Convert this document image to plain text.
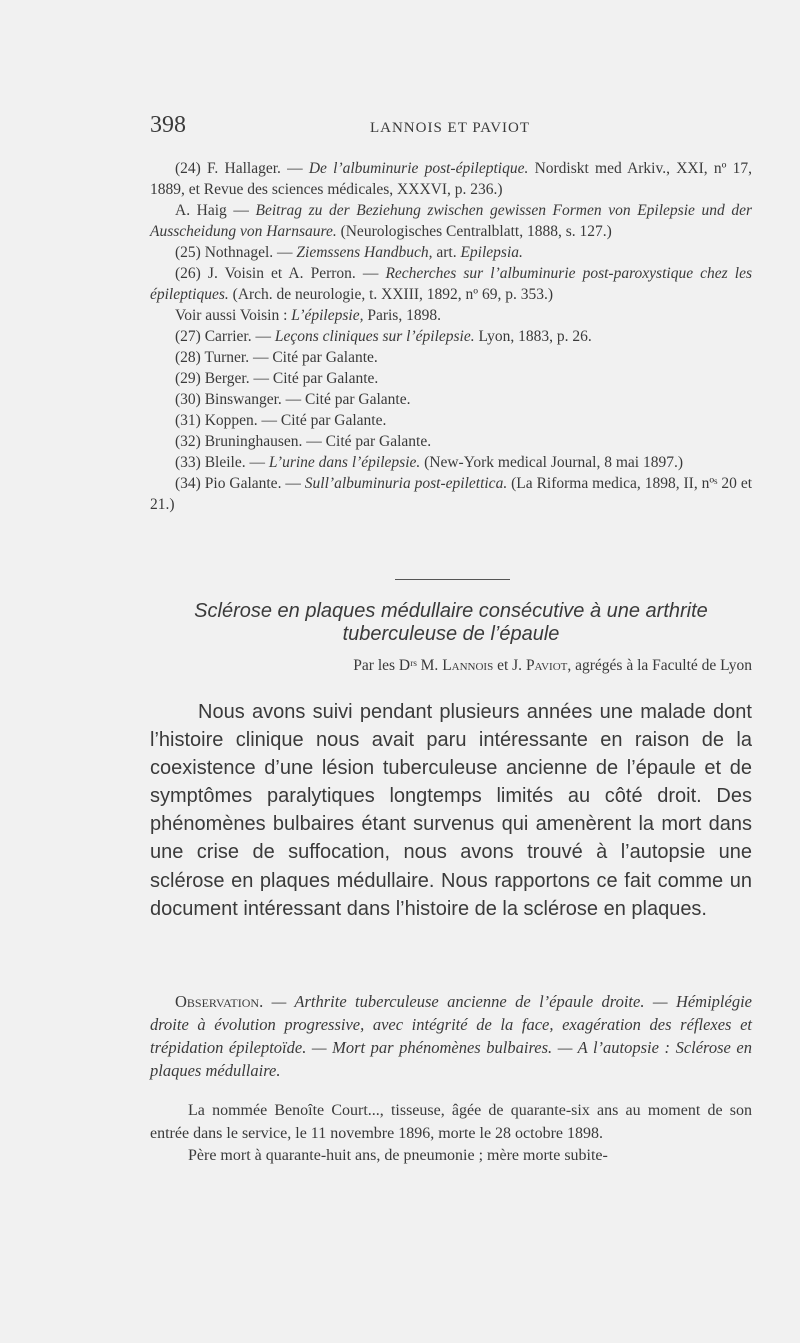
398	LANNOIS ET PAVIOT

(24) F. Hallager. — De l’albuminurie post-épileptique. Nordiskt med Arkiv., XXI, nº 17, 1889, et Revue des sciences médicales, XXXVI, p. 236.)

A. Haig — Beitrag zu der Beziehung zwischen gewissen Formen von Epilepsie und der Ausscheidung von Harnsaure. (Neurologisches Centralblatt, 1888, s. 127.)

(25) Nothnagel. — Ziemssens Handbuch, art. Epilepsia.

(26) J. Voisin et A. Perron. — Recherches sur l’albuminurie post-paroxystique chez les épileptiques. (Arch. de neurologie, t. XXIII, 1892, nº 69, p. 353.)

Voir aussi Voisin : L’épilepsie, Paris, 1898.

(27) Carrier. — Leçons cliniques sur l’épilepsie. Lyon, 1883, p. 26.

(28) Turner. — Cité par Galante.

(29) Berger. — Cité par Galante.

(30) Binswanger. — Cité par Galante.

(31) Koppen. — Cité par Galante.

(32) Bruninghausen. — Cité par Galante.

(33) Bleile. — L’urine dans l’épilepsie. (New-York medical Journal, 8 mai 1897.)

(34) Pio Galante. — Sull’albuminuria post-epilettica. (La Riforma medica, 1898, II, nºˢ 20 et 21.)

Sclérose en plaques médullaire consécutive à une arthrite
tuberculeuse de l’épaule
Par les Dʳˢ M. Lannois et J. Paviot, agrégés à la Faculté de Lyon

Nous avons suivi pendant plusieurs années une malade dont l’histoire clinique nous avait paru intéressante en raison de la coexistence d’une lésion tuberculeuse ancienne de l’épaule et de symptômes paralytiques longtemps limités au côté droit. Des phénomènes bulbaires étant survenus qui amenèrent la mort dans une crise de suffocation, nous avons trouvé à l’autopsie une sclérose en plaques médullaire. Nous rapportons ce fait comme un document intéressant dans l’histoire de la sclérose en plaques.

Observation. — Arthrite tuberculeuse ancienne de l’épaule droite. — Hémiplégie droite à évolution progressive, avec intégrité de la face, exagération des réflexes et trépidation épileptoïde. — Mort par phénomènes bulbaires. — A l’autopsie : Sclérose en plaques médullaire.

La nommée Benoîte Court..., tisseuse, âgée de quarante-six ans au moment de son entrée dans le service, le 11 novembre 1896, morte le 28 octobre 1898.

Père mort à quarante-huit ans, de pneumonie ; mère morte subite-
